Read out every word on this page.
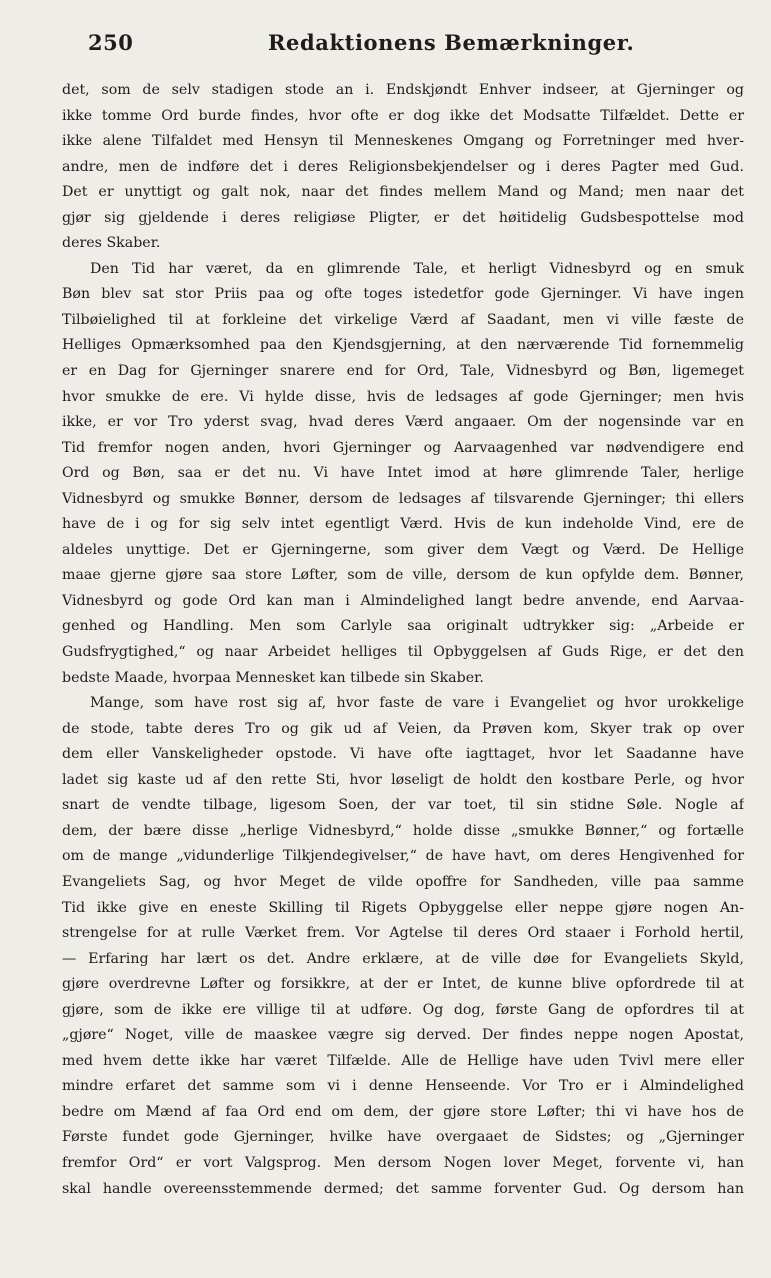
250	Redaktionens Bemærkninger.
det, som de selv stadigen stode an i. Endskjøndt Enhver indseer, at Gjerninger og
ikke tomme Ord burde findes, hvor ofte er dog ikke det Modsatte Tilfældet. Dette er
ikke alene Tilfaldet med Hensyn til Menneskenes Omgang og Forretninger med hver-
andre, men de indføre det i deres Religionsbekjendelser og i deres Pagter med Gud.
Det er unyttigt og galt nok, naar det findes mellem Mand og Mand; men naar det
gjør sig gjeldende i deres religiøse Pligter, er det høitidelig Gudsbespottelse mod
deres Skaber.
Den Tid har været, da en glimrende Tale, et herligt Vidnesbyrd og en smuk
Bøn blev sat stor Priis paa og ofte toges istedetfor gode Gjerninger. Vi have ingen
Tilbøielighed til at forkleine det virkelige Værd af Saadant, men vi ville fæste de
Helliges Opmærksomhed paa den Kjendsgjerning, at den nærværende Tid fornemmelig
er en Dag for Gjerninger snarere end for Ord, Tale, Vidnesbyrd og Bøn, ligemeget
hvor smukke de ere. Vi hylde disse, hvis de ledsages af gode Gjerninger; men hvis
ikke, er vor Tro yderst svag, hvad deres Værd angaaer. Om der nogensinde var en
Tid fremfor nogen anden, hvori Gjerninger og Aarvaagenhed var nødvendigere end
Ord og Bøn, saa er det nu. Vi have Intet imod at høre glimrende Taler, herlige
Vidnesbyrd og smukke Bønner, dersom de ledsages af tilsvarende Gjerninger; thi ellers
have de i og for sig selv intet egentligt Værd. Hvis de kun indeholde Vind, ere de
aldeles unyttige. Det er Gjerningerne, som giver dem Vægt og Værd. De Hellige
maae gjerne gjøre saa store Løfter, som de ville, dersom de kun opfylde dem. Bønner,
Vidnesbyrd og gode Ord kan man i Almindelighed langt bedre anvende, end Aarvaa-
genhed og Handling. Men som Carlyle saa originalt udtrykker sig: „Arbeide er
Gudsfrygtighed,“ og naar Arbeidet helliges til Opbyggelsen af Guds Rige, er det den
bedste Maade, hvorpaa Mennesket kan tilbede sin Skaber.
Mange, som have rost sig af, hvor faste de vare i Evangeliet og hvor urokkelige
de stode, tabte deres Tro og gik ud af Veien, da Prøven kom, Skyer trak op over
dem eller Vanskeligheder opstode. Vi have ofte iagttaget, hvor let Saadanne have
ladet sig kaste ud af den rette Sti, hvor løseligt de holdt den kostbare Perle, og hvor
snart de vendte tilbage, ligesom Soen, der var toet, til sin stidne Søle. Nogle af
dem, der bære disse „herlige Vidnesbyrd,“ holde disse „smukke Bønner,“ og fortælle
om de mange „vidunderlige Tilkjendegivelser,“ de have havt, om deres Hengivenhed for
Evangeliets Sag, og hvor Meget de vilde opoffre for Sandheden, ville paa samme
Tid ikke give en eneste Skilling til Rigets Opbyggelse eller neppe gjøre nogen An-
strengelse for at rulle Værket frem. Vor Agtelse til deres Ord staaer i Forhold hertil,
— Erfaring har lært os det. Andre erklære, at de ville døe for Evangeliets Skyld,
gjøre overdrevne Løfter og forsikkre, at der er Intet, de kunne blive opfordrede til at
gjøre, som de ikke ere villige til at udføre. Og dog, første Gang de opfordres til at
„gjøre“ Noget, ville de maaskee vægre sig derved. Der findes neppe nogen Apostat,
med hvem dette ikke har været Tilfælde. Alle de Hellige have uden Tvivl mere eller
mindre erfaret det samme som vi i denne Henseende. Vor Tro er i Almindelighed
bedre om Mænd af faa Ord end om dem, der gjøre store Løfter; thi vi have hos de
Første fundet gode Gjerninger, hvilke have overgaaet de Sidstes; og „Gjerninger
fremfor Ord“ er vort Valgsprog. Men dersom Nogen lover Meget, forvente vi, han
skal handle overeensstemmende dermed; det samme forventer Gud. Og dersom han
